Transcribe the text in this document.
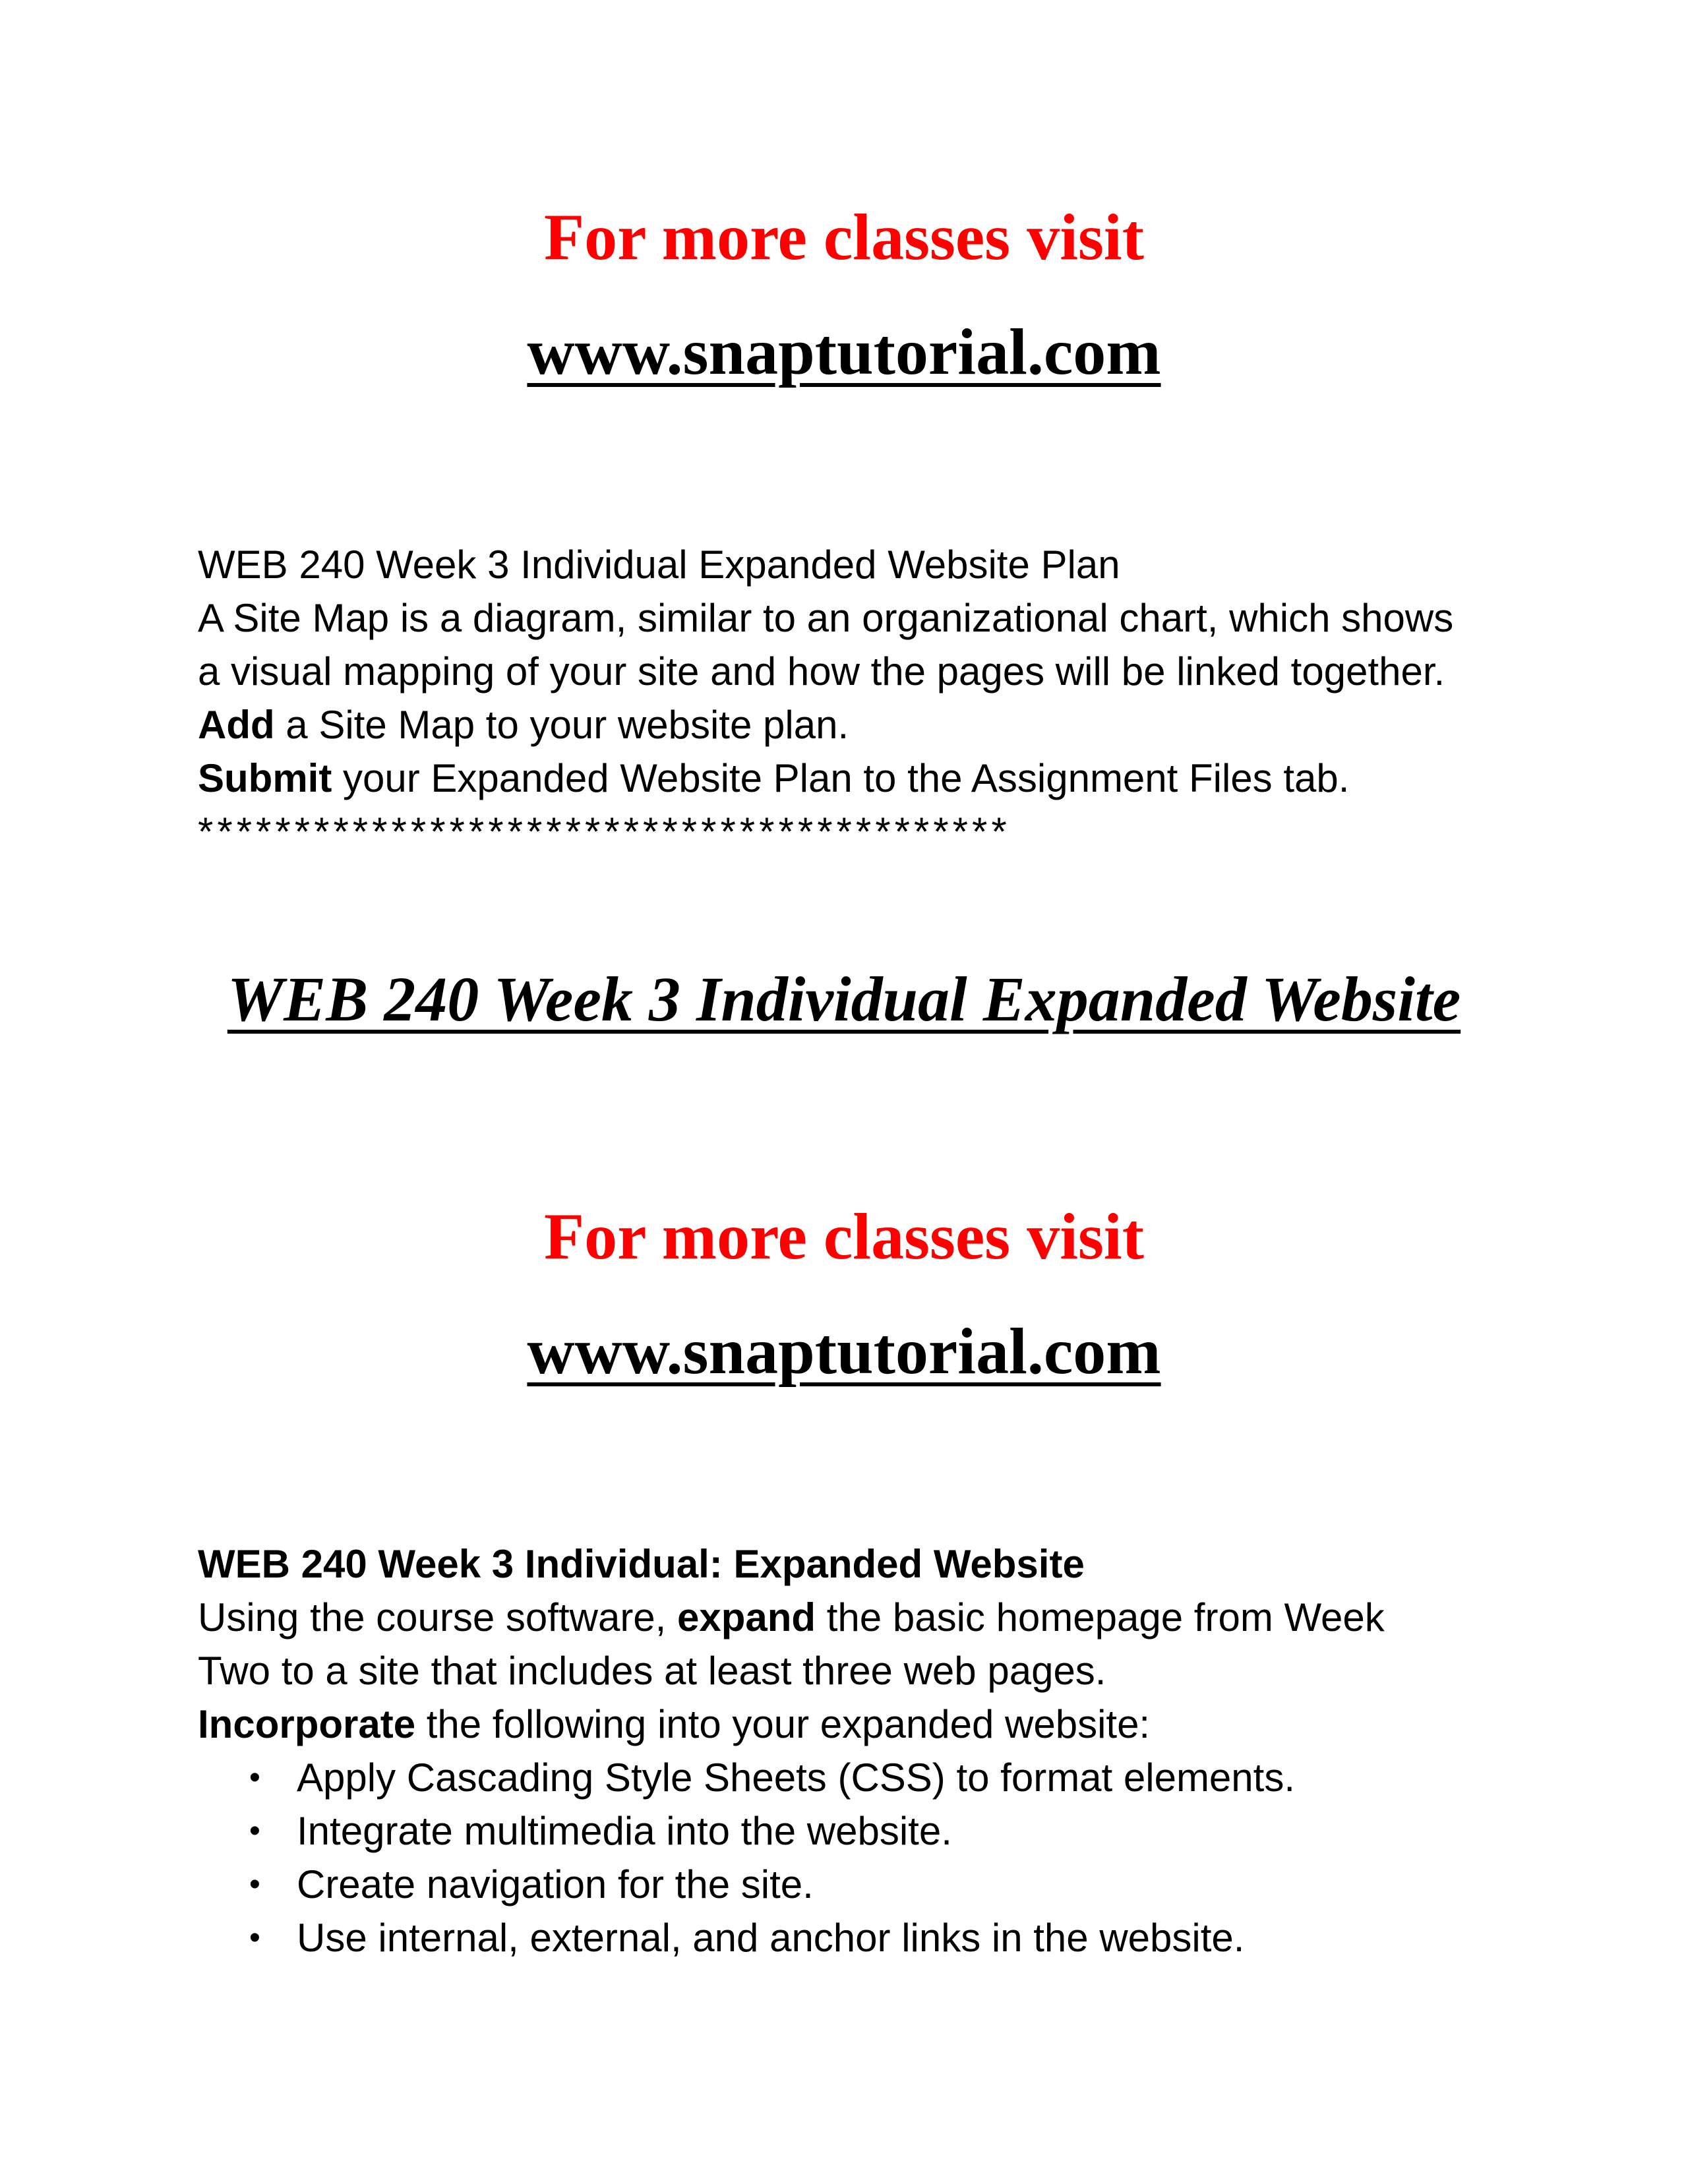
For more classes visit
www.snaptutorial.com

WEB 240 Week 3 Individual Expanded Website Plan

A Site Map is a diagram, similar to an organizational chart, which shows

a visual mapping of your site and how the pages will be linked together.

Add a Site Map to your website plan.

Submit your Expanded Website Plan to the Assignment Files tab.

******************************************

WEB 240 Week 3 Individual Expanded Website
For more classes visit
www.snaptutorial.com

WEB 240 Week 3 Individual: Expanded Website

Using the course software, expand the basic homepage from Week

Two to a site that includes at least three web pages.

Incorporate the following into your expanded website:

• Apply Cascading Style Sheets (CSS) to format elements.
• Integrate multimedia into the website.
• Create navigation for the site.
• Use internal, external, and anchor links in the website.
